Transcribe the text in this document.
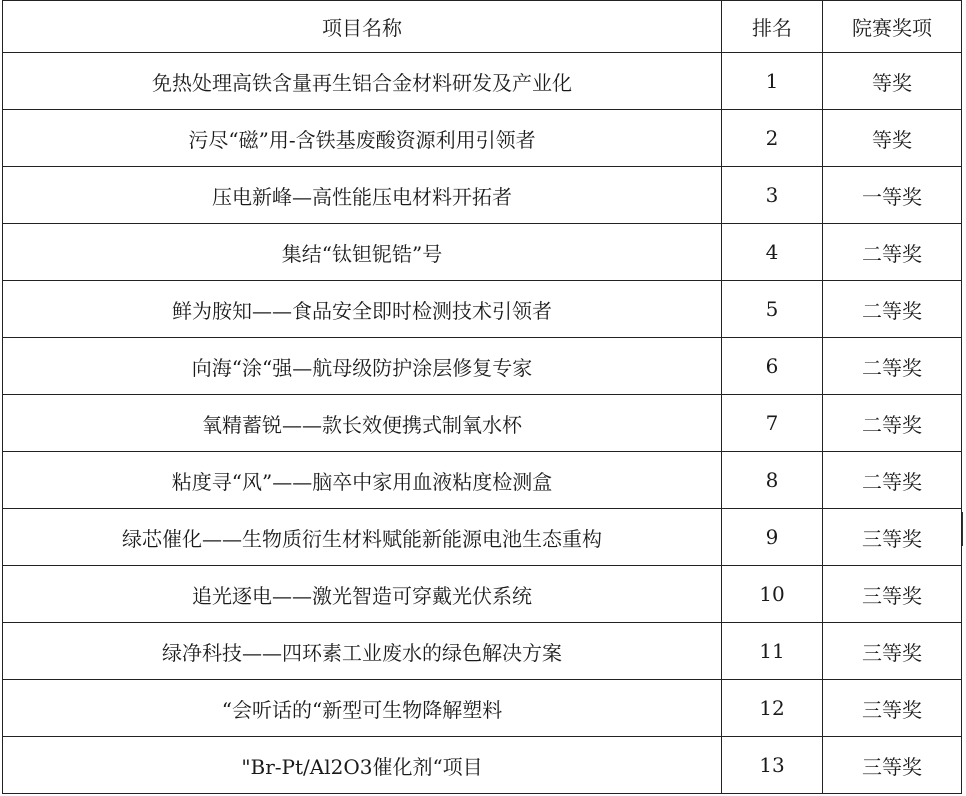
项目名称	排名	院赛奖项
免热处理高铁含量再生铝合金材料研发及产业化	1	等奖
污尽“磁”用-含铁基废酸资源利用引领者	2	等奖
压电新峰—高性能压电材料开拓者	3	一等奖
集结“钛钽铌锆”号	4	二等奖
鲜为胺知——食品安全即时检测技术引领者	5	二等奖
向海“涂“强—航母级防护涂层修复专家	6	二等奖
氧精蓄锐——款长效便携式制氧水杯	7	二等奖
粘度寻“风”——脑卒中家用血液粘度检测盒	8	二等奖
绿芯催化——生物质衍生材料赋能新能源电池生态重构	9	三等奖
追光逐电——激光智造可穿戴光伏系统	10	三等奖
绿净科技——四环素工业废水的绿色解决方案	11	三等奖
“会听话的“新型可生物降解塑料	12	三等奖
"Br-Pt/Al2O3催化剂“项目	13	三等奖
